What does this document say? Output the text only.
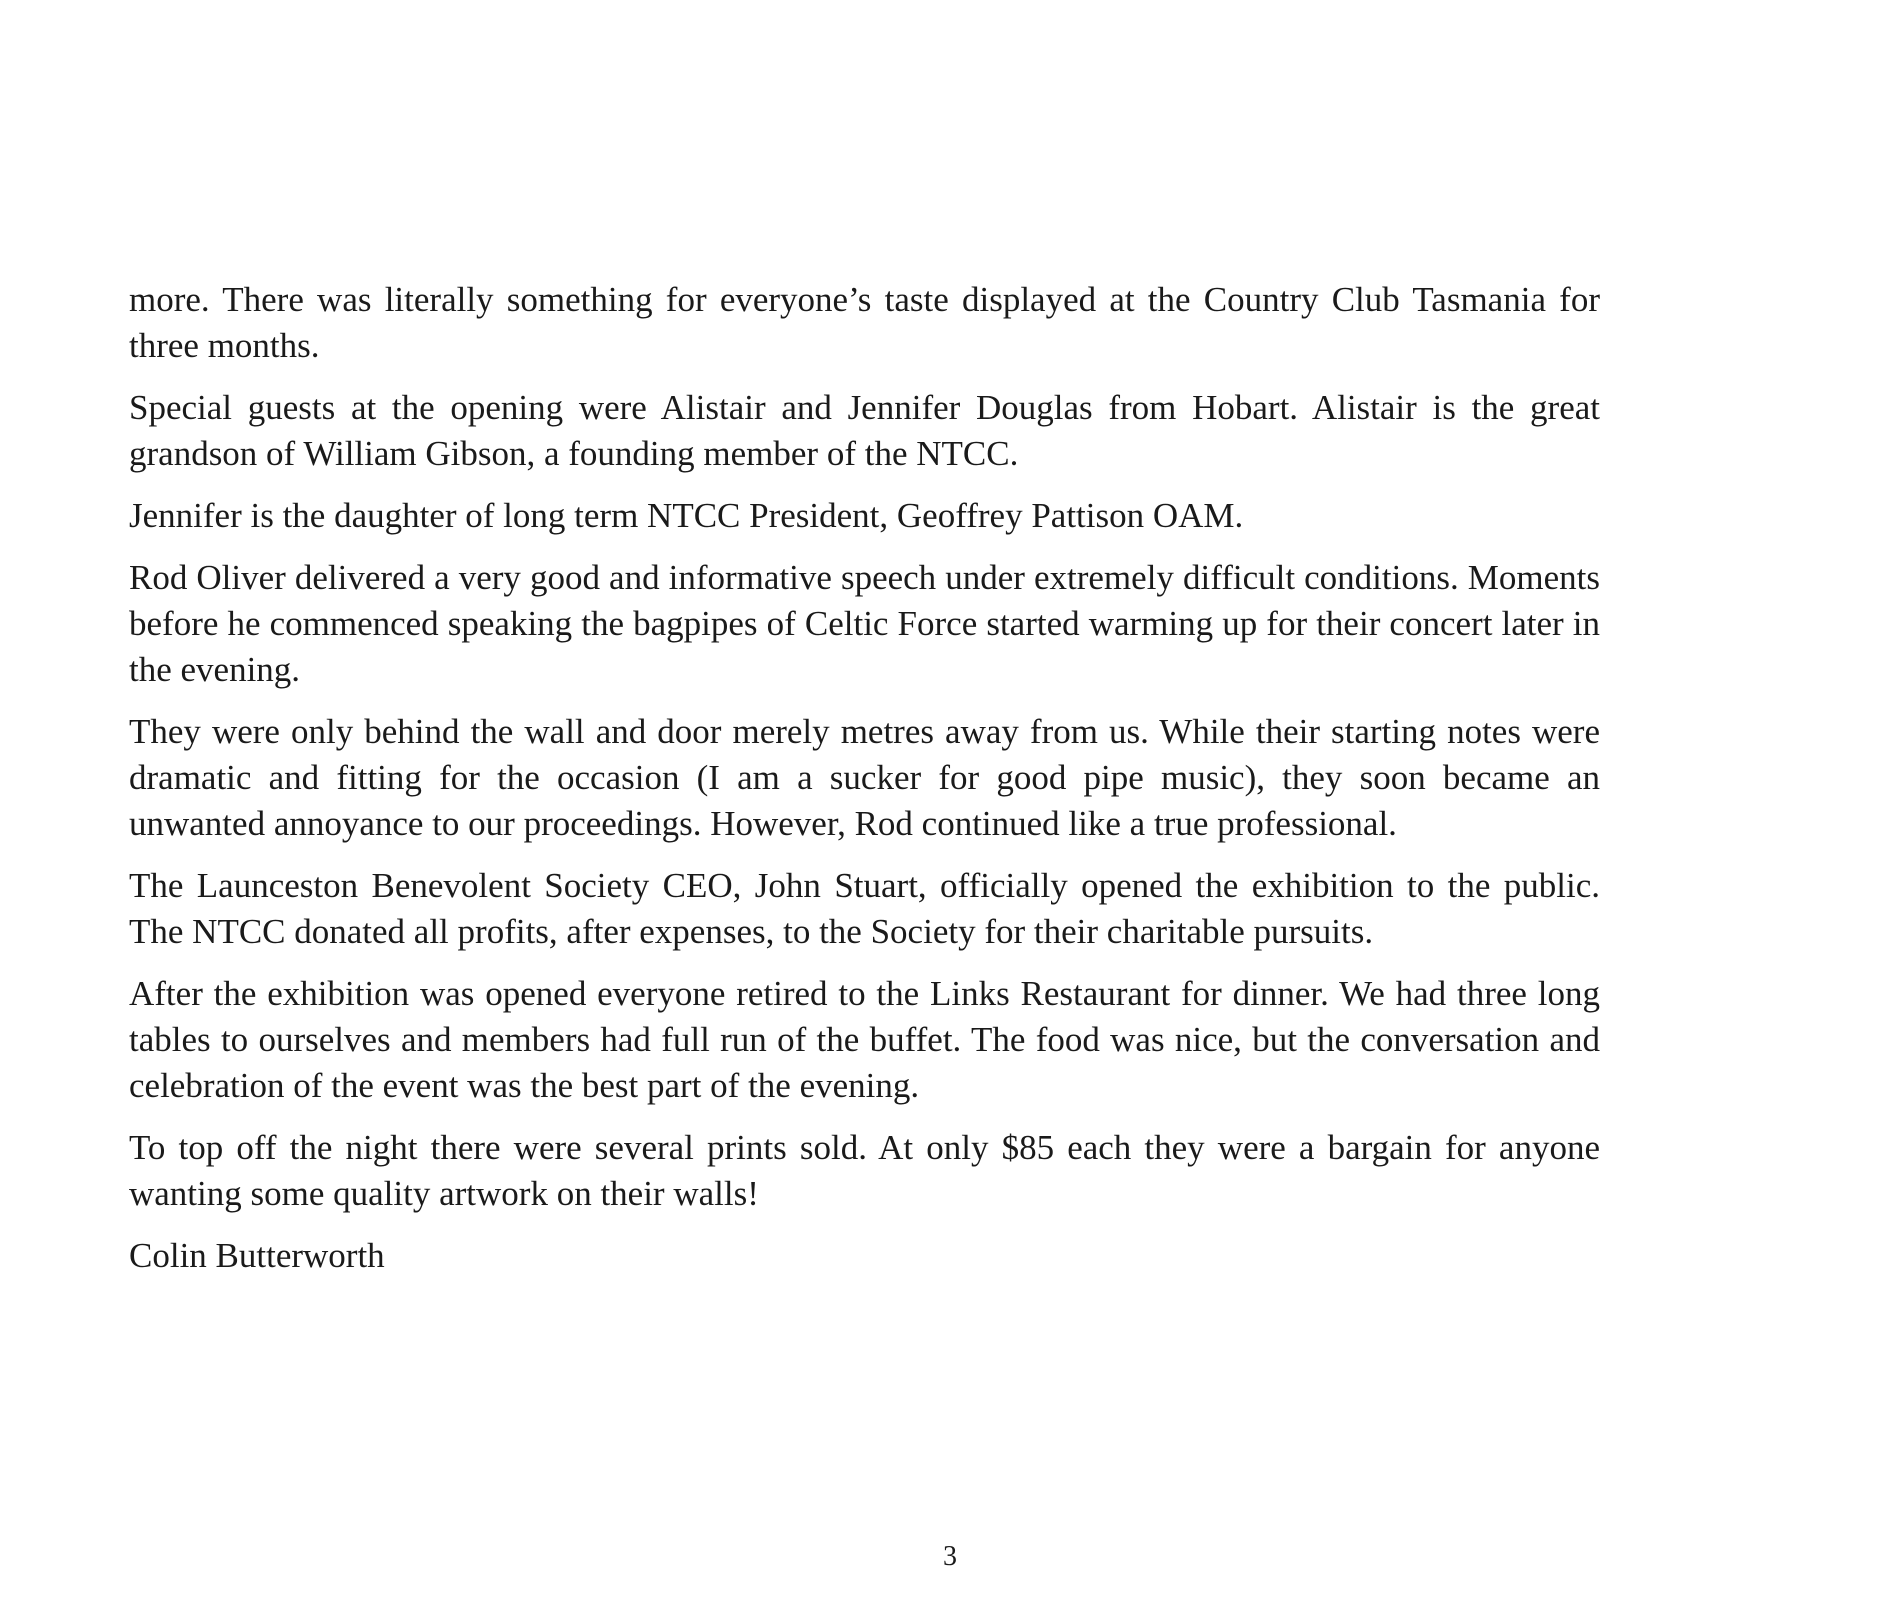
more. There was literally something for everyone’s taste displayed at the Country Club Tasmania for three months.

Special guests at the opening were Alistair and Jennifer Douglas from Hobart. Alistair is the great grandson of William Gibson, a founding member of the NTCC.

Jennifer is the daughter of long term NTCC President, Geoffrey Pattison OAM.

Rod Oliver delivered a very good and informative speech under extremely difficult conditions. Moments before he commenced speaking the bagpipes of Celtic Force started warming up for their concert later in the evening.

They were only behind the wall and door merely metres away from us. While their starting notes were dramatic and fitting for the occasion (I am a sucker for good pipe music), they soon became an unwanted annoyance to our proceedings. However, Rod continued like a true professional.

The Launceston Benevolent Society CEO, John Stuart, officially opened the exhibition to the public. The NTCC donated all profits, after expenses, to the Society for their charitable pursuits.

After the exhibition was opened everyone retired to the Links Restaurant for dinner. We had three long tables to ourselves and members had full run of the buffet. The food was nice, but the conversation and celebration of the event was the best part of the evening.

To top off the night there were several prints sold. At only $85 each they were a bargain for anyone wanting some quality artwork on their walls!

Colin Butterworth

3
